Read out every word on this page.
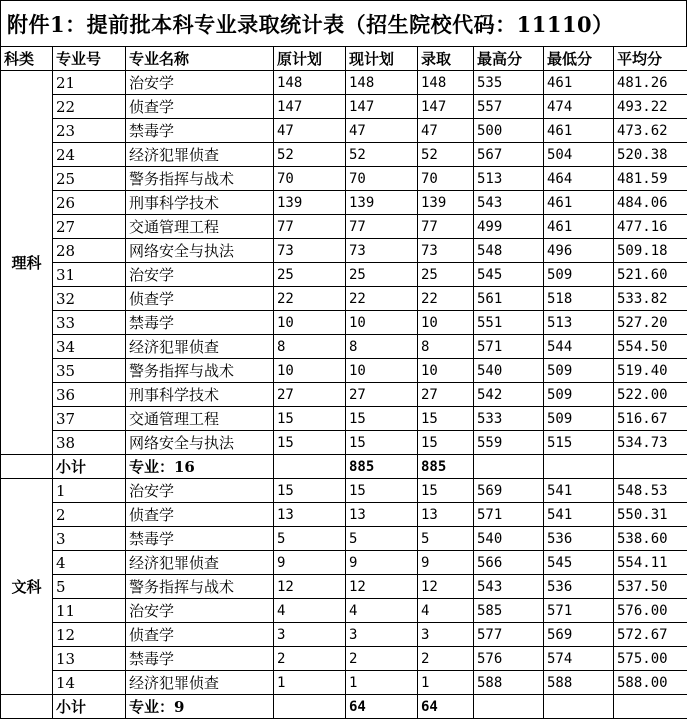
附件1：提前批本科专业录取统计表（招生院校代码：11110）
科类	专业号	专业名称	原计划	现计划	录取	最高分	最低分	平均分
理科	21	治安学	148	148	148	535	461	481.26
	22	侦查学	147	147	147	557	474	493.22
	23	禁毒学	47	47	47	500	461	473.62
	24	经济犯罪侦查	52	52	52	567	504	520.38
	25	警务指挥与战术	70	70	70	513	464	481.59
	26	刑事科学技术	139	139	139	543	461	484.06
	27	交通管理工程	77	77	77	499	461	477.16
	28	网络安全与执法	73	73	73	548	496	509.18
	31	治安学	25	25	25	545	509	521.60
	32	侦查学	22	22	22	561	518	533.82
	33	禁毒学	10	10	10	551	513	527.20
	34	经济犯罪侦查	8	8	8	571	544	554.50
	35	警务指挥与战术	10	10	10	540	509	519.40
	36	刑事科学技术	27	27	27	542	509	522.00
	37	交通管理工程	15	15	15	533	509	516.67
	38	网络安全与执法	15	15	15	559	515	534.73
	小计	专业：16		885	885			
文科	1	治安学	15	15	15	569	541	548.53
	2	侦查学	13	13	13	571	541	550.31
	3	禁毒学	5	5	5	540	536	538.60
	4	经济犯罪侦查	9	9	9	566	545	554.11
	5	警务指挥与战术	12	12	12	543	536	537.50
	11	治安学	4	4	4	585	571	576.00
	12	侦查学	3	3	3	577	569	572.67
	13	禁毒学	2	2	2	576	574	575.00
	14	经济犯罪侦查	1	1	1	588	588	588.00
	小计	专业：9		64	64			
